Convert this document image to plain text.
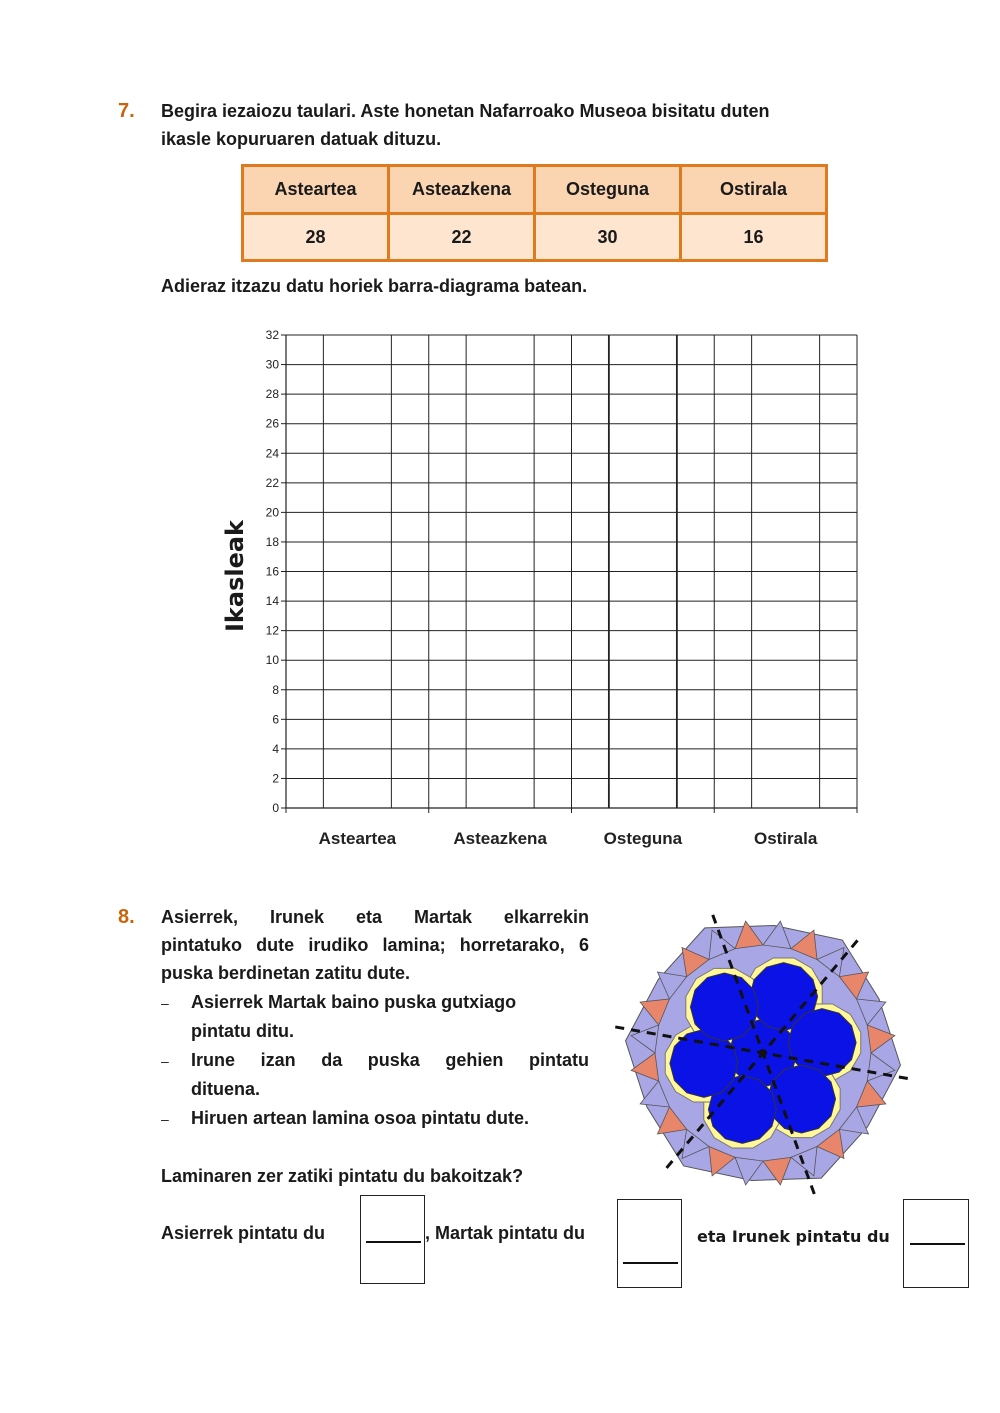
7. Begira iezaiozu taulari. Aste honetan Nafarroako Museoa bisitatu duten
ikasle kopuruaren datuak dituzu.
Asteartea	Asteazkena	Osteguna	Ostirala
28	22	30	16
Adieraz itzazu datu horiek barra-diagrama batean.
Ikasleak
0
2
4
6
8
10
12
14
16
18
20
22
24
26
28
30
32
Asteartea	Asteazkena	Osteguna	Ostirala
8. Asierrek, Irunek eta Martak elkarrekin
pintatuko dute irudiko lamina; horretarako, 6
puska berdinetan zatitu dute.
– Asierrek Martak baino puska gutxiago
pintatu ditu.
– Irune izan da puska gehien pintatu
dituena.
– Hiruen artean lamina osoa pintatu dute.
Laminaren zer zatiki pintatu du bakoitzak?
Asierrek pintatu du	, Martak pintatu du	eta Irunek pintatu du
